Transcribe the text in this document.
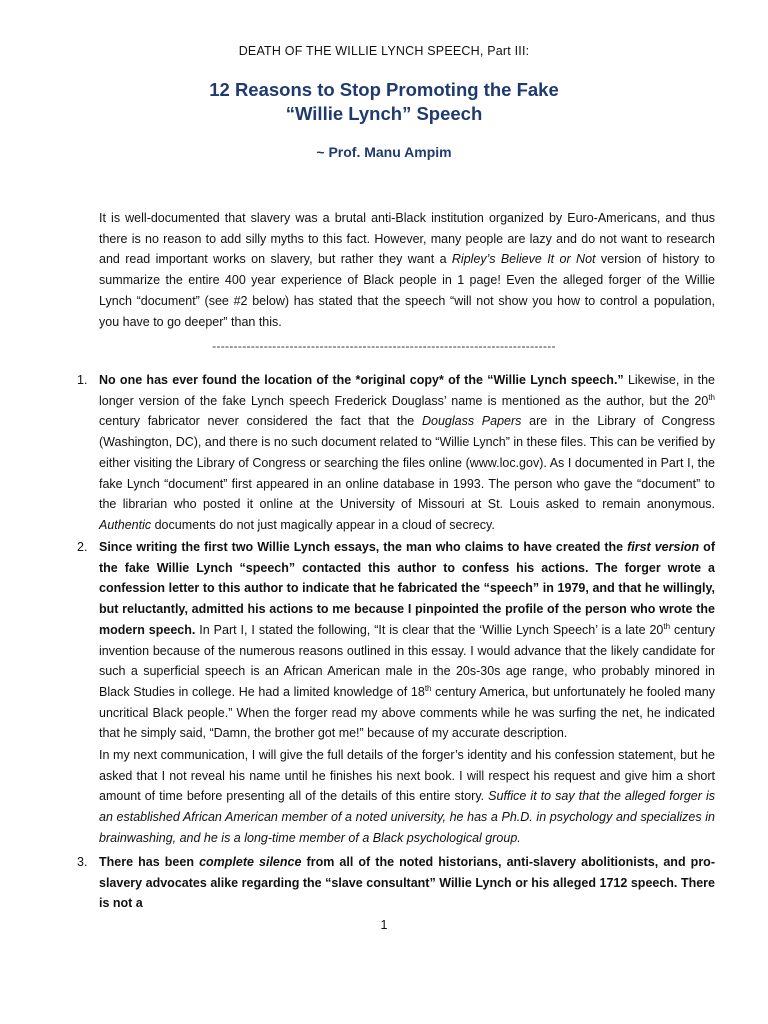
DEATH OF THE WILLIE LYNCH SPEECH, Part III:
12 Reasons to Stop Promoting the Fake
“Willie Lynch” Speech
~ Prof. Manu Ampim
It is well-documented that slavery was a brutal anti-Black institution organized by Euro-Americans, and thus there is no reason to add silly myths to this fact. However, many people are lazy and do not want to research and read important works on slavery, but rather they want a Ripley’s Believe It or Not version of history to summarize the entire 400 year experience of Black people in 1 page! Even the alleged forger of the Willie Lynch “document” (see #2 below) has stated that the speech “will not show you how to control a population, you have to go deeper” than this.
--------------------------------------------------------------------------------
1. No one has ever found the location of the *original copy* of the “Willie Lynch speech.” Likewise, in the longer version of the fake Lynch speech Frederick Douglass’ name is mentioned as the author, but the 20th century fabricator never considered the fact that the Douglass Papers are in the Library of Congress (Washington, DC), and there is no such document related to “Willie Lynch” in these files. This can be verified by either visiting the Library of Congress or searching the files online (www.loc.gov). As I documented in Part I, the fake Lynch “document” first appeared in an online database in 1993. The person who gave the “document” to the librarian who posted it online at the University of Missouri at St. Louis asked to remain anonymous. Authentic documents do not just magically appear in a cloud of secrecy.
2. Since writing the first two Willie Lynch essays, the man who claims to have created the first version of the fake Willie Lynch “speech” contacted this author to confess his actions. The forger wrote a confession letter to this author to indicate that he fabricated the “speech” in 1979, and that he willingly, but reluctantly, admitted his actions to me because I pinpointed the profile of the person who wrote the modern speech. In Part I, I stated the following, “It is clear that the ‘Willie Lynch Speech’ is a late 20th century invention because of the numerous reasons outlined in this essay. I would advance that the likely candidate for such a superficial speech is an African American male in the 20s-30s age range, who probably minored in Black Studies in college. He had a limited knowledge of 18th century America, but unfortunately he fooled many uncritical Black people.” When the forger read my above comments while he was surfing the net, he indicated that he simply said, “Damn, the brother got me!” because of my accurate description.
In my next communication, I will give the full details of the forger’s identity and his confession statement, but he asked that I not reveal his name until he finishes his next book. I will respect his request and give him a short amount of time before presenting all of the details of this entire story. Suffice it to say that the alleged forger is an established African American member of a noted university, he has a Ph.D. in psychology and specializes in brainwashing, and he is a long-time member of a Black psychological group.
3. There has been complete silence from all of the noted historians, anti-slavery abolitionists, and pro-slavery advocates alike regarding the “slave consultant” Willie Lynch or his alleged 1712 speech. There is not a
1
